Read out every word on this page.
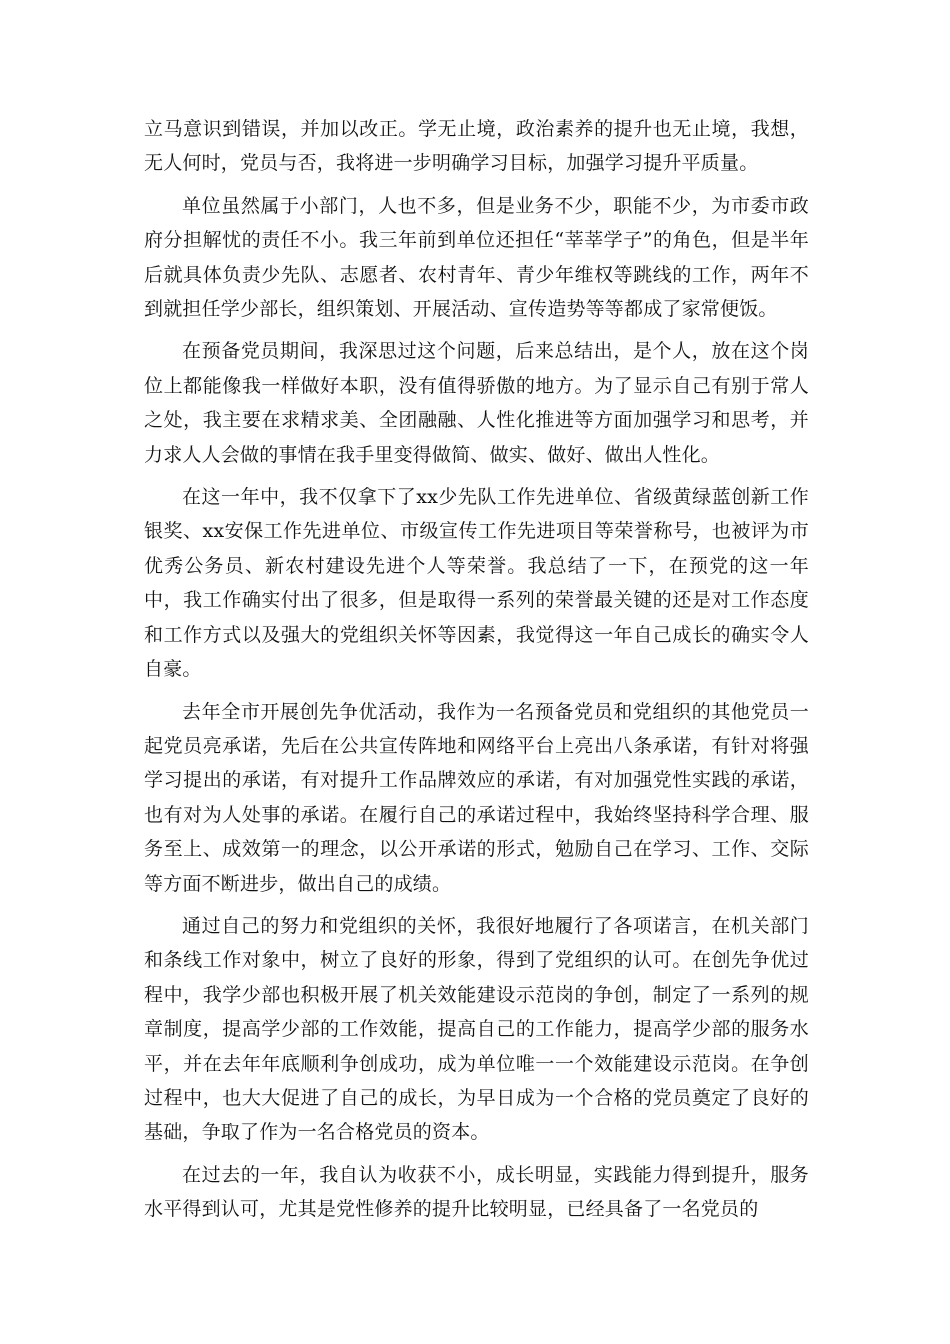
立马意识到错误，并加以改正。学无止境，政治素养的提升也无止境，我想，无人何时，党员与否，我将进一步明确学习目标，加强学习提升平质量。

单位虽然属于小部门，人也不多，但是业务不少，职能不少，为市委市政府分担解忧的责任不小。我三年前到单位还担任“莘莘学子”的角色，但是半年后就具体负责少先队、志愿者、农村青年、青少年维权等跳线的工作，两年不到就担任学少部长，组织策划、开展活动、宣传造势等等都成了家常便饭。

在预备党员期间，我深思过这个问题，后来总结出，是个人，放在这个岗位上都能像我一样做好本职，没有值得骄傲的地方。为了显示自己有别于常人之处，我主要在求精求美、全团融融、人性化推进等方面加强学习和思考，并力求人人会做的事情在我手里变得做简、做实、做好、做出人性化。

在这一年中，我不仅拿下了xx少先队工作先进单位、省级黄绿蓝创新工作银奖、xx安保工作先进单位、市级宣传工作先进项目等荣誉称号，也被评为市优秀公务员、新农村建设先进个人等荣誉。我总结了一下，在预党的这一年中，我工作确实付出了很多，但是取得一系列的荣誉最关键的还是对工作态度和工作方式以及强大的党组织关怀等因素，我觉得这一年自己成长的确实令人自豪。

去年全市开展创先争优活动，我作为一名预备党员和党组织的其他党员一起党员亮承诺，先后在公共宣传阵地和网络平台上亮出八条承诺，有针对将强学习提出的承诺，有对提升工作品牌效应的承诺，有对加强党性实践的承诺，也有对为人处事的承诺。在履行自己的承诺过程中，我始终坚持科学合理、服务至上、成效第一的理念，以公开承诺的形式，勉励自己在学习、工作、交际等方面不断进步，做出自己的成绩。

通过自己的努力和党组织的关怀，我很好地履行了各项诺言，在机关部门和条线工作对象中，树立了良好的形象，得到了党组织的认可。在创先争优过程中，我学少部也积极开展了机关效能建设示范岗的争创，制定了一系列的规章制度，提高学少部的工作效能，提高自己的工作能力，提高学少部的服务水平，并在去年年底顺利争创成功，成为单位唯一一个效能建设示范岗。在争创过程中，也大大促进了自己的成长，为早日成为一个合格的党员奠定了良好的基础，争取了作为一名合格党员的资本。

在过去的一年，我自认为收获不小，成长明显，实践能力得到提升，服务水平得到认可，尤其是党性修养的提升比较明显，已经具备了一名党员的
